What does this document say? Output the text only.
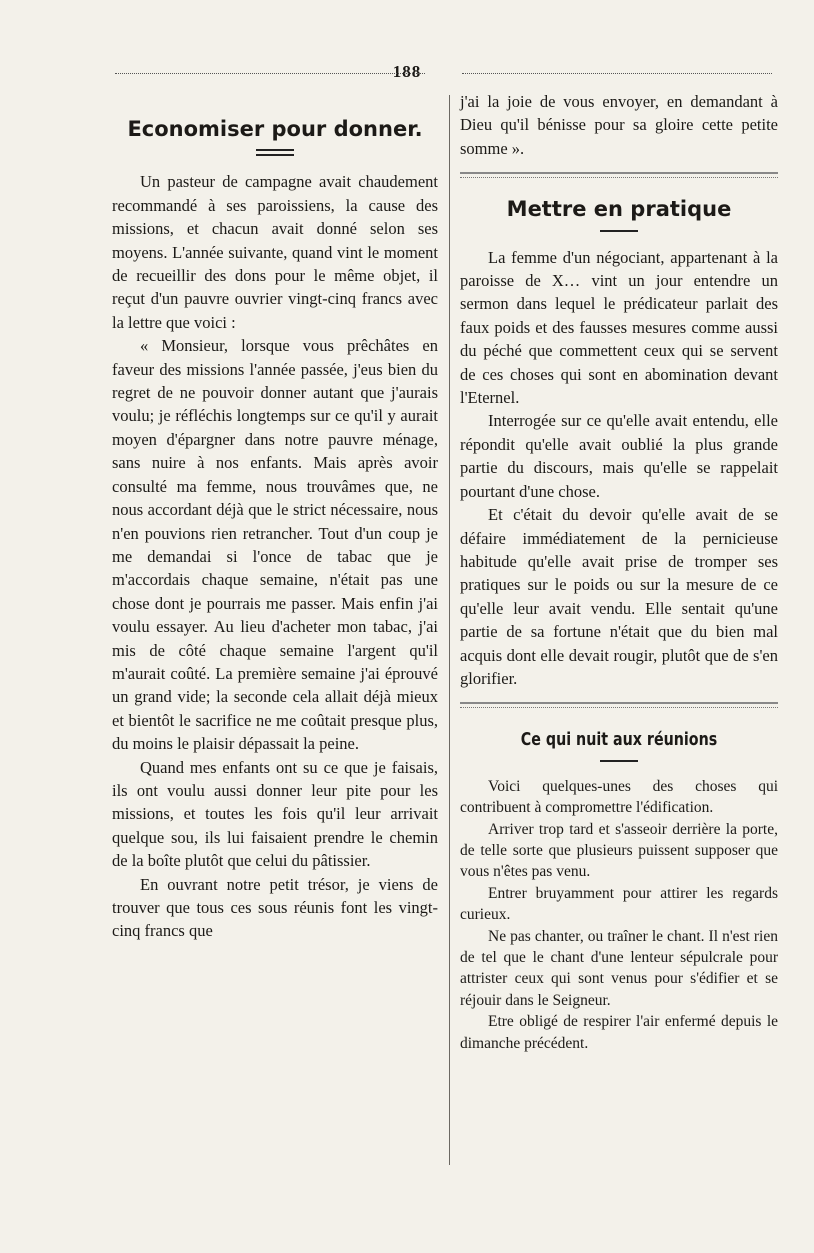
188
Economiser pour donner.

Un pasteur de campagne avait chaudement recommandé à ses paroissiens, la cause des missions, et chacun avait donné selon ses moyens. L'année suivante, quand vint le moment de recueillir des dons pour le même objet, il reçut d'un pauvre ouvrier vingt-cinq francs avec la lettre que voici :

« Monsieur, lorsque vous prêchâtes en faveur des missions l'année passée, j'eus bien du regret de ne pouvoir donner autant que j'aurais voulu; je réfléchis longtemps sur ce qu'il y aurait moyen d'épargner dans notre pauvre ménage, sans nuire à nos enfants. Mais après avoir consulté ma femme, nous trouvâmes que, ne nous accordant déjà que le strict nécessaire, nous n'en pouvions rien retrancher. Tout d'un coup je me demandai si l'once de tabac que je m'accordais chaque semaine, n'était pas une chose dont je pourrais me passer. Mais enfin j'ai voulu essayer. Au lieu d'acheter mon tabac, j'ai mis de côté chaque semaine l'argent qu'il m'aurait coûté. La première semaine j'ai éprouvé un grand vide; la seconde cela allait déjà mieux et bientôt le sacrifice ne me coûtait presque plus, du moins le plaisir dépassait la peine.

Quand mes enfants ont su ce que je faisais, ils ont voulu aussi donner leur pite pour les missions, et toutes les fois qu'il leur arrivait quelque sou, ils lui faisaient prendre le chemin de la boîte plutôt que celui du pâtissier.

En ouvrant notre petit trésor, je viens de trouver que tous ces sous réunis font les vingt-cinq francs que

j'ai la joie de vous envoyer, en demandant à Dieu qu'il bénisse pour sa gloire cette petite somme ».

Mettre en pratique

La femme d'un négociant, appartenant à la paroisse de X… vint un jour entendre un sermon dans lequel le prédicateur parlait des faux poids et des fausses mesures comme aussi du péché que commettent ceux qui se servent de ces choses qui sont en abomination devant l'Eternel.

Interrogée sur ce qu'elle avait entendu, elle répondit qu'elle avait oublié la plus grande partie du discours, mais qu'elle se rappelait pourtant d'une chose.

Et c'était du devoir qu'elle avait de se défaire immédiatement de la pernicieuse habitude qu'elle avait prise de tromper ses pratiques sur le poids ou sur la mesure de ce qu'elle leur avait vendu. Elle sentait qu'une partie de sa fortune n'était que du bien mal acquis dont elle devait rougir, plutôt que de s'en glorifier.

Ce qui nuit aux réunions

Voici quelques-unes des choses qui contribuent à compromettre l'édification.

Arriver trop tard et s'asseoir derrière la porte, de telle sorte que plusieurs puissent supposer que vous n'êtes pas venu.

Entrer bruyamment pour attirer les regards curieux.

Ne pas chanter, ou traîner le chant. Il n'est rien de tel que le chant d'une lenteur sépulcrale pour attrister ceux qui sont venus pour s'édifier et se réjouir dans le Seigneur.

Etre obligé de respirer l'air enfermé depuis le dimanche précédent.
